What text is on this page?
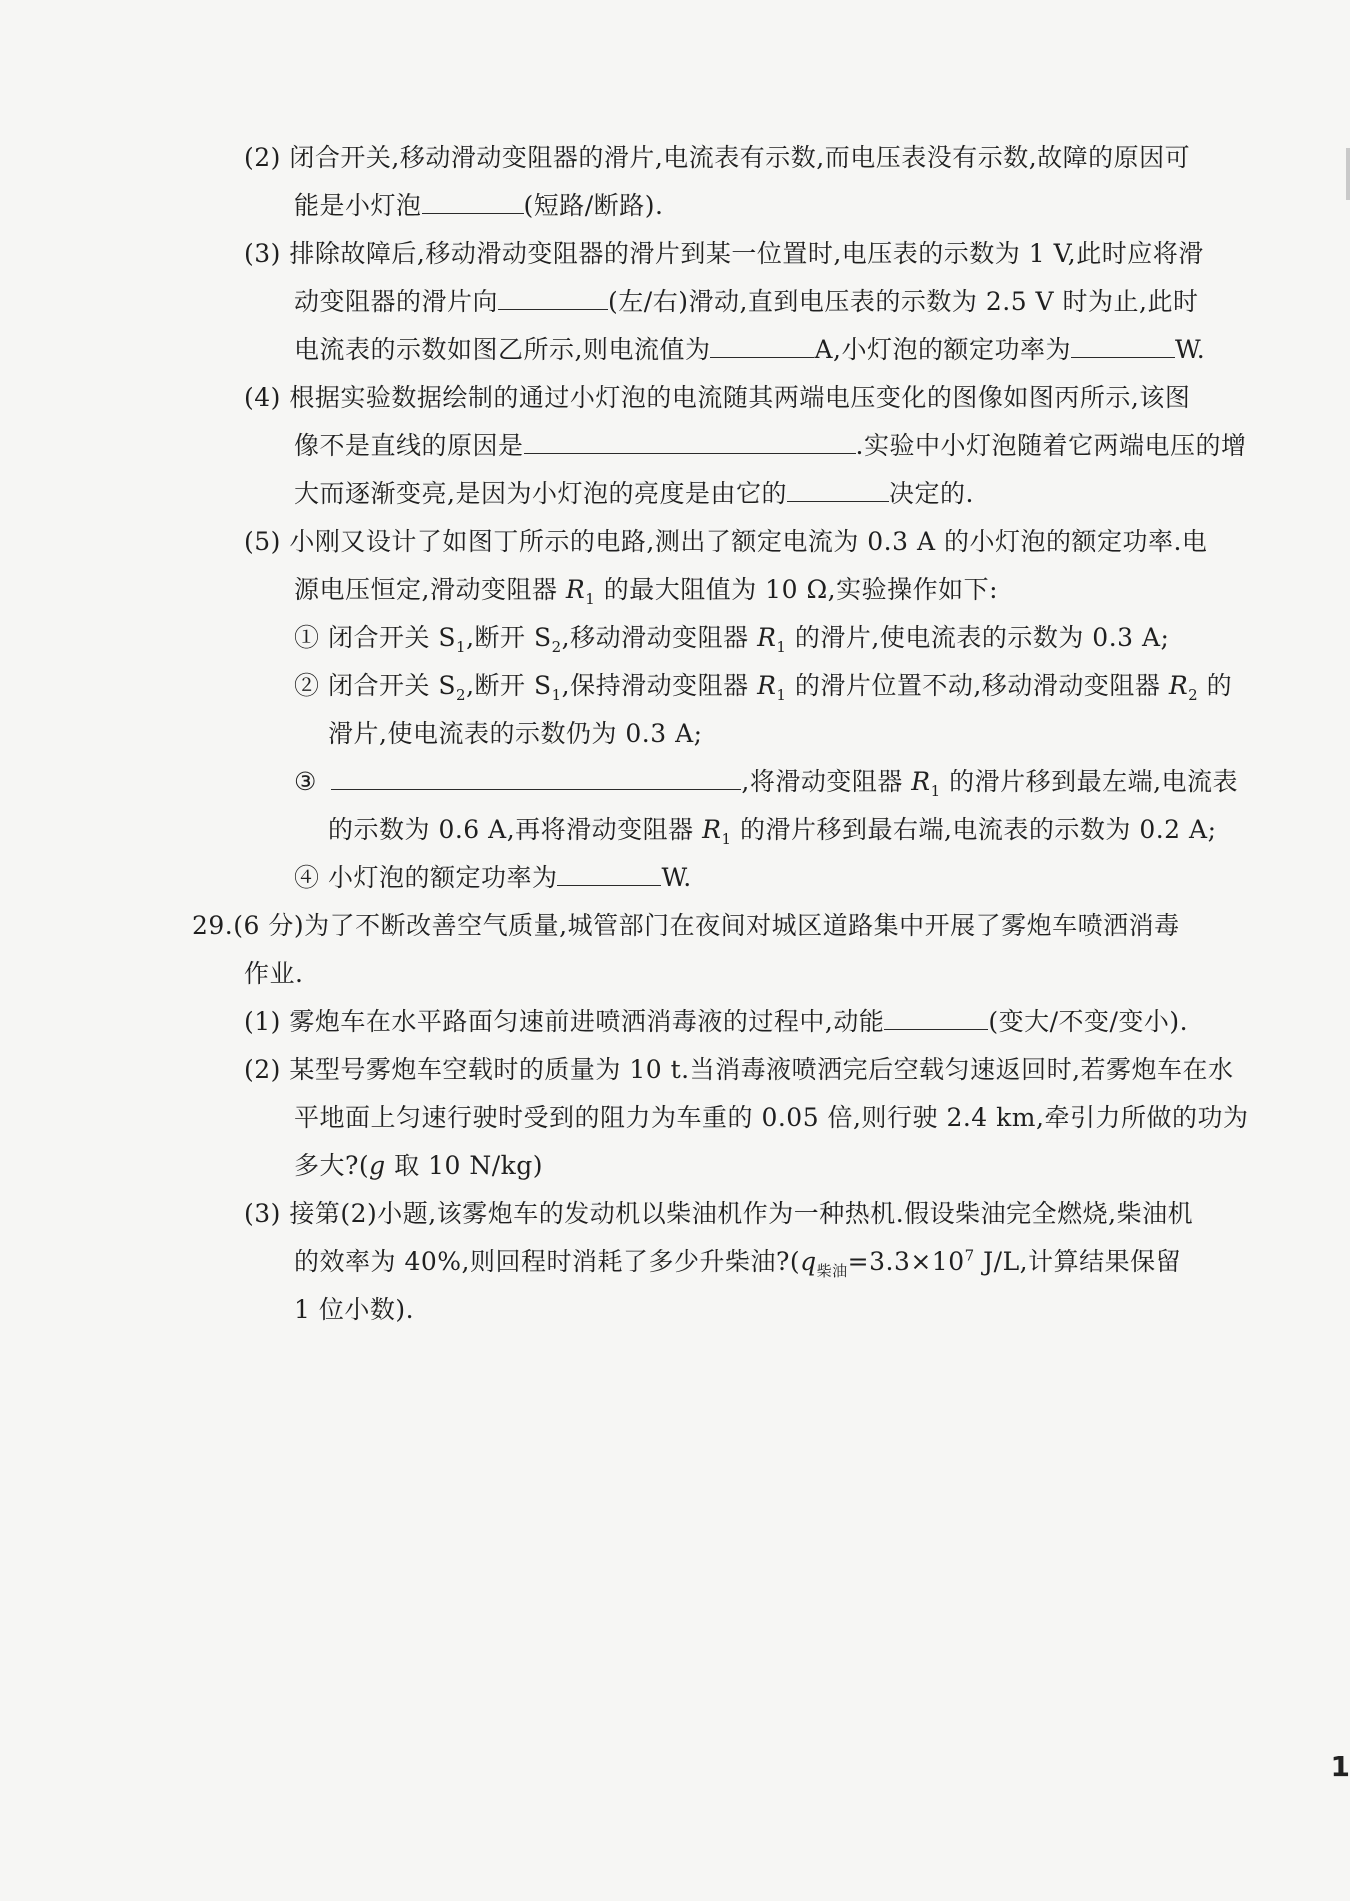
(2) 闭合开关,移动滑动变阻器的滑片,电流表有示数,而电压表没有示数,故障的原因可
能是小灯泡	(短路/断路).
(3) 排除故障后,移动滑动变阻器的滑片到某一位置时,电压表的示数为 1 V,此时应将滑
动变阻器的滑片向	(左/右)滑动,直到电压表的示数为 2.5 V 时为止,此时
电流表的示数如图乙所示,则电流值为	A,小灯泡的额定功率为	W.
(4) 根据实验数据绘制的通过小灯泡的电流随其两端电压变化的图像如图丙所示,该图
像不是直线的原因是	.实验中小灯泡随着它两端电压的增
大而逐渐变亮,是因为小灯泡的亮度是由它的	决定的.
(5) 小刚又设计了如图丁所示的电路,测出了额定电流为 0.3 A 的小灯泡的额定功率.电
源电压恒定,滑动变阻器 $R_1$ 的最大阻值为 10 Ω,实验操作如下:
① 闭合开关 $S_1$,断开 $S_2$,移动滑动变阻器 $R_1$ 的滑片,使电流表的示数为 0.3 A;
② 闭合开关 $S_2$,断开 $S_1$,保持滑动变阻器 $R_1$ 的滑片位置不动,移动滑动变阻器 $R_2$ 的
滑片,使电流表的示数仍为 0.3 A;
③	,将滑动变阻器 $R_1$ 的滑片移到最左端,电流表
的示数为 0.6 A,再将滑动变阻器 $R_1$ 的滑片移到最右端,电流表的示数为 0.2 A;
④ 小灯泡的额定功率为	W.
29.(6 分)为了不断改善空气质量,城管部门在夜间对城区道路集中开展了雾炮车喷洒消毒
作业.
(1) 雾炮车在水平路面匀速前进喷洒消毒液的过程中,动能	(变大/不变/变小).
(2) 某型号雾炮车空载时的质量为 10 t.当消毒液喷洒完后空载匀速返回时,若雾炮车在水
平地面上匀速行驶时受到的阻力为车重的 0.05 倍,则行驶 2.4 km,牵引力所做的功为
多大?(g 取 10 N/kg)
(3) 接第(2)小题,该雾炮车的发动机以柴油机作为一种热机.假设柴油完全燃烧,柴油机
的效率为 40%,则回程时消耗了多少升柴油$?(q_{柴油}=3.3\times 10^7$ J/L,计算结果保留
1 位小数).
1
